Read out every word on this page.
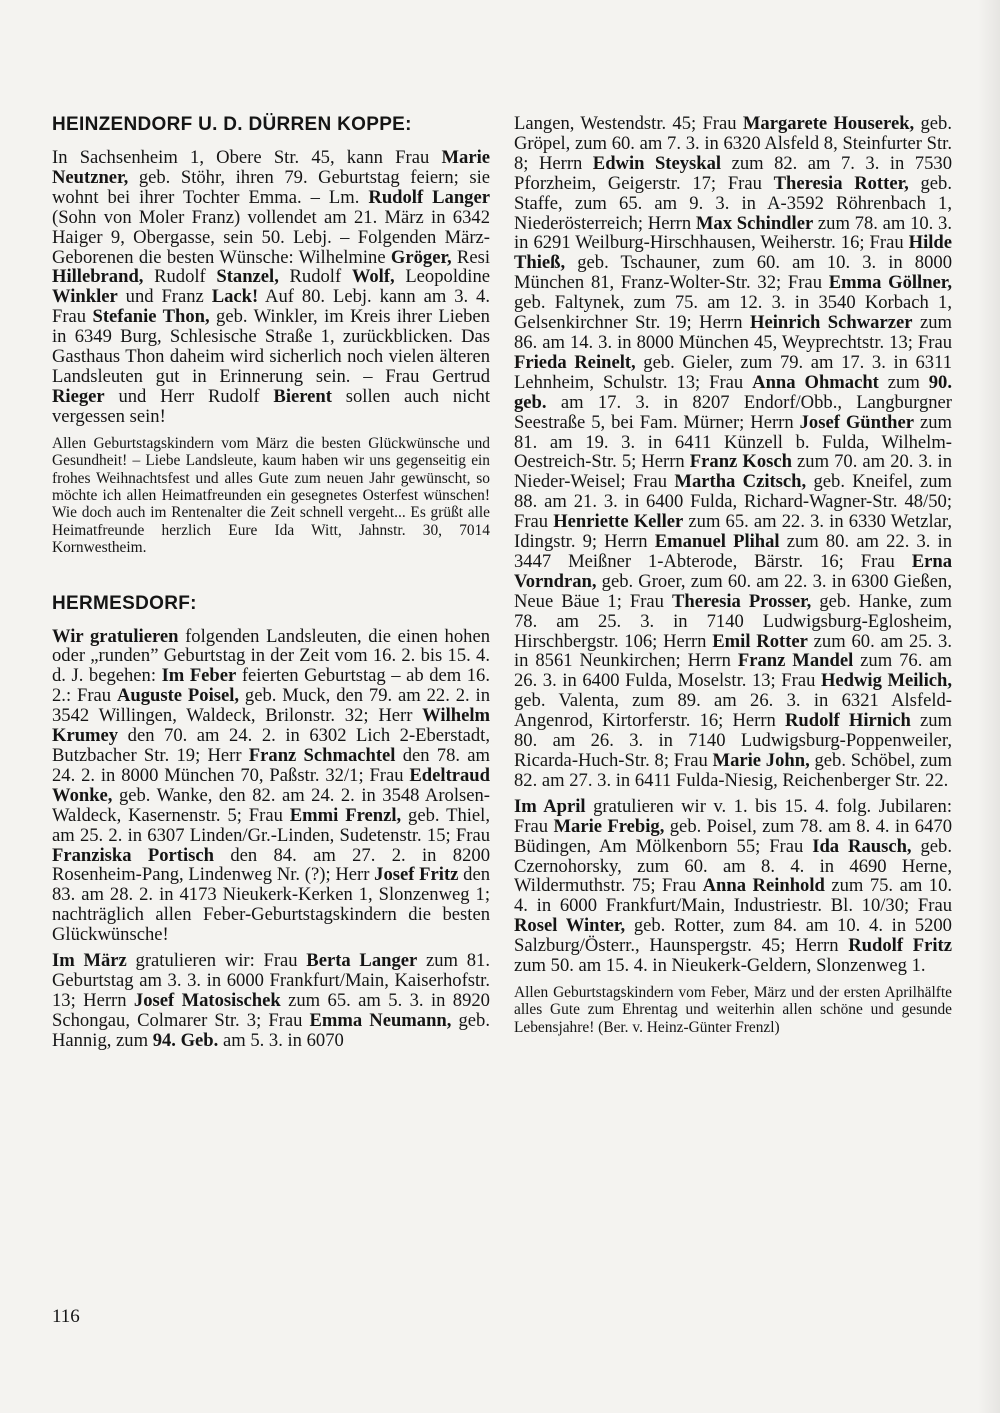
HEINZENDORF U. D. DÜRREN KOPPE:

In Sachsenheim 1, Obere Str. 45, kann Frau Marie Neutzner, geb. Stöhr, ihren 79. Geburtstag feiern; sie wohnt bei ihrer Tochter Emma. – Lm. Rudolf Langer (Sohn von Moler Franz) vollendet am 21. März in 6342 Haiger 9, Obergasse, sein 50. Lebj. – Folgenden März-Geborenen die besten Wünsche: Wilhelmine Gröger, Resi Hillebrand, Rudolf Stanzel, Rudolf Wolf, Leopoldine Winkler und Franz Lack! Auf 80. Lebj. kann am 3. 4. Frau Stefanie Thon, geb. Winkler, im Kreis ihrer Lieben in 6349 Burg, Schlesische Straße 1, zurückblicken. Das Gasthaus Thon daheim wird sicherlich noch vielen älteren Landsleuten gut in Erinnerung sein. – Frau Gertrud Rieger und Herr Rudolf Bierent sollen auch nicht vergessen sein!

Allen Geburtstagskindern vom März die besten Glückwünsche und Gesundheit! – Liebe Landsleute, kaum haben wir uns gegenseitig ein frohes Weihnachtsfest und alles Gute zum neuen Jahr gewünscht, so möchte ich allen Heimatfreunden ein gesegnetes Osterfest wünschen! Wie doch auch im Rentenalter die Zeit schnell vergeht... Es grüßt alle Heimatfreunde herzlich Eure Ida Witt, Jahnstr. 30, 7014 Kornwestheim.

HERMESDORF:

Wir gratulieren folgenden Landsleuten, die einen hohen oder „runden” Geburtstag in der Zeit vom 16. 2. bis 15. 4. d. J. begehen: Im Feber feierten Geburtstag – ab dem 16. 2.: Frau Auguste Poisel, geb. Muck, den 79. am 22. 2. in 3542 Willingen, Waldeck, Brilonstr. 32; Herr Wilhelm Krumey den 70. am 24. 2. in 6302 Lich 2-Eberstadt, Butzbacher Str. 19; Herr Franz Schmachtel den 78. am 24. 2. in 8000 München 70, Paßstr. 32/1; Frau Edeltraud Wonke, geb. Wanke, den 82. am 24. 2. in 3548 Arolsen-Waldeck, Kasernenstr. 5; Frau Emmi Frenzl, geb. Thiel, am 25. 2. in 6307 Linden/Gr.-Linden, Sudetenstr. 15; Frau Franziska Portisch den 84. am 27. 2. in 8200 Rosenheim-Pang, Lindenweg Nr. (?); Herr Josef Fritz den 83. am 28. 2. in 4173 Nieukerk-Kerken 1, Slonzenweg 1; nachträglich allen Feber-Geburtstagskindern die besten Glückwünsche!

Im März gratulieren wir: Frau Berta Langer zum 81. Geburtstag am 3. 3. in 6000 Frankfurt/Main, Kaiserhofstr. 13; Herrn Josef Matosischek zum 65. am 5. 3. in 8920 Schongau, Colmarer Str. 3; Frau Emma Neumann, geb. Hannig, zum 94. Geb. am 5. 3. in 6070

Langen, Westendstr. 45; Frau Margarete Houserek, geb. Gröpel, zum 60. am 7. 3. in 6320 Alsfeld 8, Steinfurter Str. 8; Herrn Edwin Steyskal zum 82. am 7. 3. in 7530 Pforzheim, Geigerstr. 17; Frau Theresia Rotter, geb. Staffe, zum 65. am 9. 3. in A-3592 Röhrenbach 1, Niederösterreich; Herrn Max Schindler zum 78. am 10. 3. in 6291 Weilburg-Hirschhausen, Weiherstr. 16; Frau Hilde Thieß, geb. Tschauner, zum 60. am 10. 3. in 8000 München 81, Franz-Wolter-Str. 32; Frau Emma Göllner, geb. Faltynek, zum 75. am 12. 3. in 3540 Korbach 1, Gelsenkirchner Str. 19; Herrn Heinrich Schwarzer zum 86. am 14. 3. in 8000 München 45, Weyprechtstr. 13; Frau Frieda Reinelt, geb. Gieler, zum 79. am 17. 3. in 6311 Lehnheim, Schulstr. 13; Frau Anna Ohmacht zum 90. geb. am 17. 3. in 8207 Endorf/Obb., Langburgner Seestraße 5, bei Fam. Mürner; Herrn Josef Günther zum 81. am 19. 3. in 6411 Künzell b. Fulda, Wilhelm-Oestreich-Str. 5; Herrn Franz Kosch zum 70. am 20. 3. in Nieder-Weisel; Frau Martha Czitsch, geb. Kneifel, zum 88. am 21. 3. in 6400 Fulda, Richard-Wagner-Str. 48/50; Frau Henriette Keller zum 65. am 22. 3. in 6330 Wetzlar, Idingstr. 9; Herrn Emanuel Plihal zum 80. am 22. 3. in 3447 Meißner 1-Abterode, Bärstr. 16; Frau Erna Vorndran, geb. Groer, zum 60. am 22. 3. in 6300 Gießen, Neue Bäue 1; Frau Theresia Prosser, geb. Hanke, zum 78. am 25. 3. in 7140 Ludwigsburg-Eglosheim, Hirschbergstr. 106; Herrn Emil Rotter zum 60. am 25. 3. in 8561 Neunkirchen; Herrn Franz Mandel zum 76. am 26. 3. in 6400 Fulda, Moselstr. 13; Frau Hedwig Meilich, geb. Valenta, zum 89. am 26. 3. in 6321 Alsfeld-Angenrod, Kirtorferstr. 16; Herrn Rudolf Hirnich zum 80. am 26. 3. in 7140 Ludwigsburg-Poppenweiler, Ricarda-Huch-Str. 8; Frau Marie John, geb. Schöbel, zum 82. am 27. 3. in 6411 Fulda-Niesig, Reichenberger Str. 22.

Im April gratulieren wir v. 1. bis 15. 4. folg. Jubilaren: Frau Marie Frebig, geb. Poisel, zum 78. am 8. 4. in 6470 Büdingen, Am Mölkenborn 55; Frau Ida Rausch, geb. Czernohorsky, zum 60. am 8. 4. in 4690 Herne, Wildermuthstr. 75; Frau Anna Reinhold zum 75. am 10. 4. in 6000 Frankfurt/Main, Industriestr. Bl. 10/30; Frau Rosel Winter, geb. Rotter, zum 84. am 10. 4. in 5200 Salzburg/Österr., Haunspergstr. 45; Herrn Rudolf Fritz zum 50. am 15. 4. in Nieukerk-Geldern, Slonzenweg 1.

Allen Geburtstagskindern vom Feber, März und der ersten Aprilhälfte alles Gute zum Ehrentag und weiterhin allen schöne und gesunde Lebensjahre! (Ber. v. Heinz-Günter Frenzl)

116
